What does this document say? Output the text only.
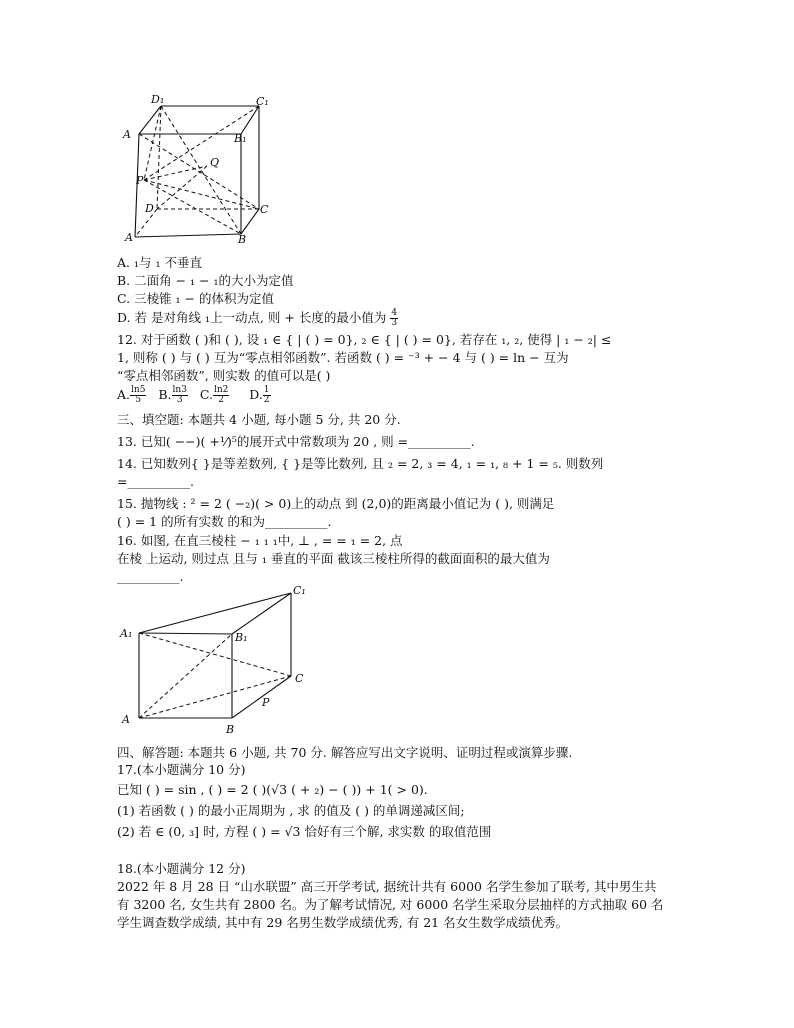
D₁	C₁
A	B₁
Q
P
D	C
A	B
A. ₁与 ₁ 不垂直
B. 二面角 − ₁ − ₁的大小为定值
C. 三棱锥 ₁ − 的体积为定值
D. 若 是对角线 ₁上一动点, 则 + 长度的最小值为 $\frac{4}{3}$
12. 对于函数 ( )和 ( ), 设 ₁ ∈ { | ( ) = 0}, ₂ ∈ { | ( ) = 0}, 若存在 ₁, ₂, 使得 | ₁ − ₂| ≤
1, 则称 ( ) 与 ( ) 互为“零点相邻函数”. 若函数 ( ) = ⁻³ + − 4 与 ( ) = ln − 互为
“零点相邻函数”, 则实数 的值可以是( )
A. $\frac{\ln 5}{5} B$. $\frac{\ln 3}{3} C$. $\frac{\ln 2}{2} D$. $\frac{1}{2}$
三、填空题: 本题共 4 小题, 每小题 5 分, 共 20 分.
13. 已知( −−)( +¹⁄)⁵的展开式中常数项为 20 , 则 =__________.
14. 已知数列{ }是等差数列, { }是等比数列, 且 ₂ = 2, ₃ = 4, ₁ = ₁, ₈ + 1 = ₅. 则数列
=__________.
15. 抛物线 : ² = 2 ( −₂)( > 0)上的动点 到 (2,0)的距离最小值记为 ( ), 则满足
( ) = 1 的所有实数 的和为__________.
16. 如图, 在直三棱柱 − ₁ ₁ ₁中, ⊥ , = = ₁ = 2, 点
在棱 上运动, 则过点 且与 ₁ 垂直的平面 截该三棱柱所得的截面面积的最大值为
__________.
C₁
A₁	B₁
C
P
A
B
四、解答题: 本题共 6 小题, 共 70 分. 解答应写出文字说明、证明过程或演算步骤.
17.(本小题满分 10 分)
已知 ( ) = sin , ( ) = 2 ( )(√3 ( + ₂) − ( )) + 1( > 0).
(1) 若函数 ( ) 的最小正周期为 , 求 的值及 ( ) 的单调递减区间;
(2) 若 ∈ (0, ₃] 时, 方程 ( ) = √3 恰好有三个解, 求实数 的取值范围
18.(本小题满分 12 分)
2022 年 8 月 28 日 “山水联盟” 高三开学考试, 据统计共有 6000 名学生参加了联考, 其中男生共
有 3200 名, 女生共有 2800 名。为了解考试情况, 对 6000 名学生采取分层抽样的方式抽取 60 名
学生调查数学成绩, 其中有 29 名男生数学成绩优秀, 有 21 名女生数学成绩优秀。
